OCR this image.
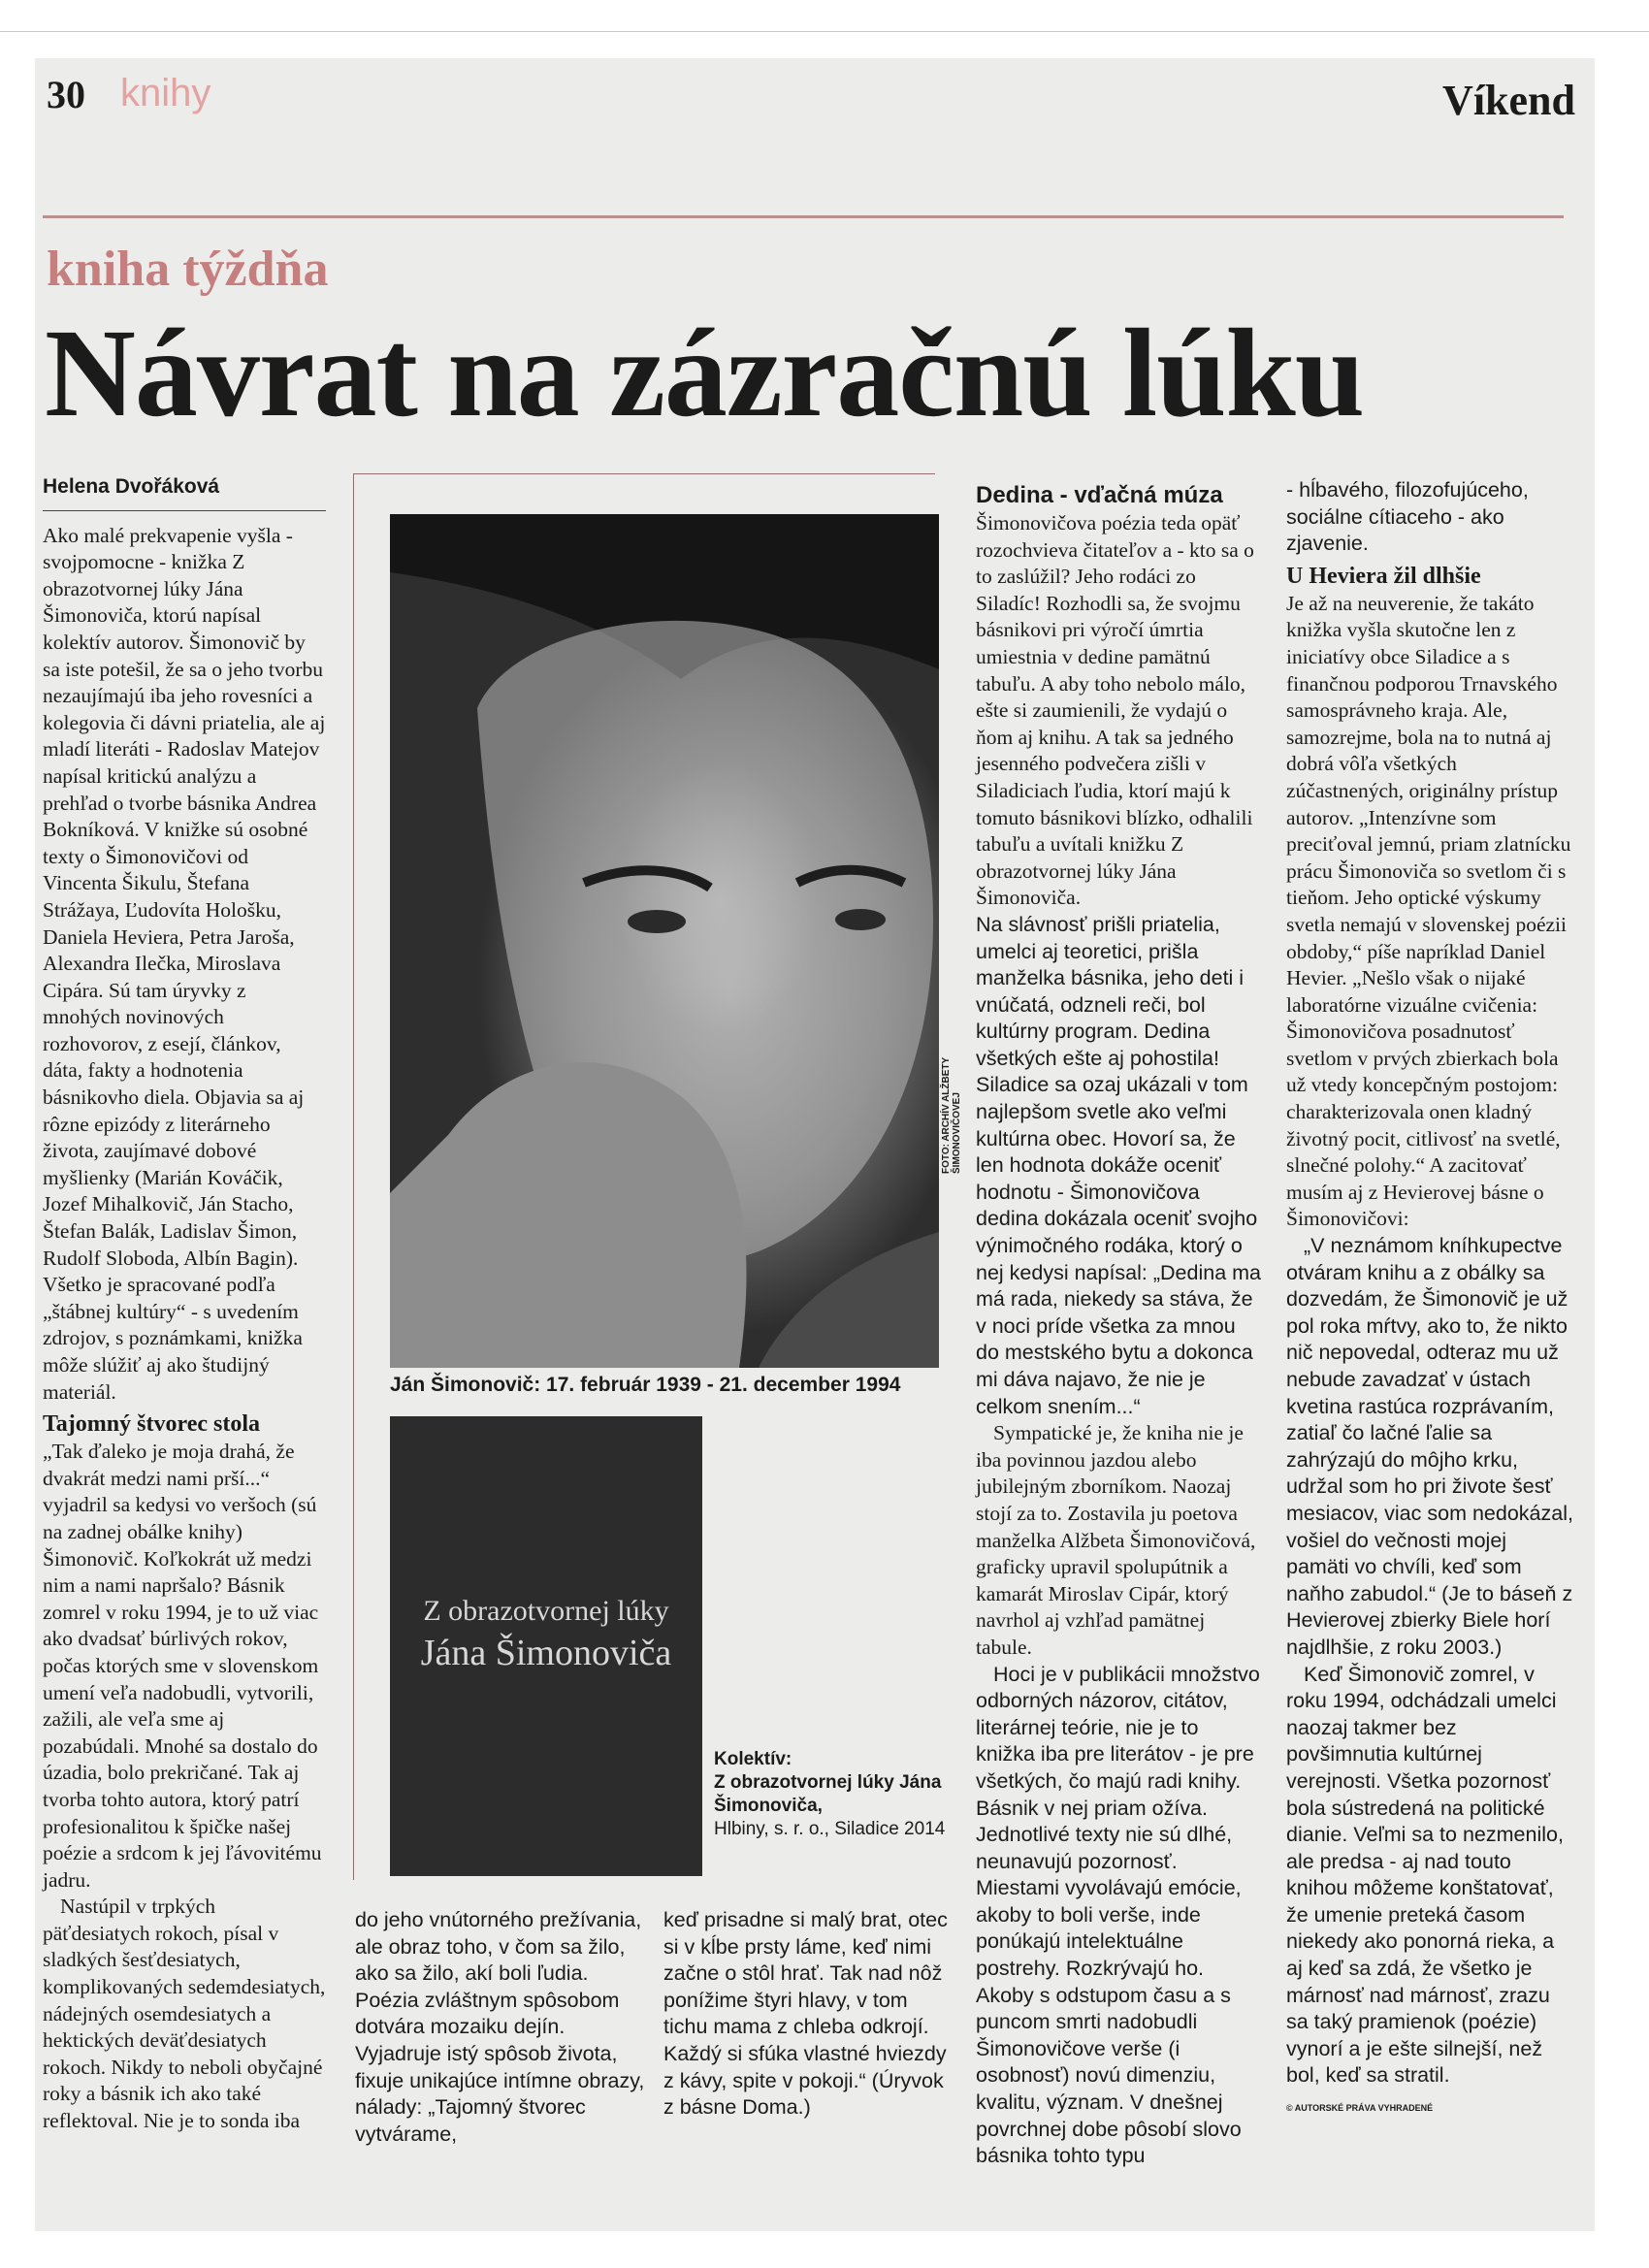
30 knihy	Víkend
kniha týždňa
Návrat na zázračnú lúku
Helena Dvořáková

Ako malé prekvapenie vyšla - svojpomocne - knižka Z obrazotvornej lúky Jána Šimonoviča, ktorú napísal kolektív autorov. Šimonovič by sa iste potešil, že sa o jeho tvorbu nezaujímajú iba jeho rovesníci a kolegovia či dávni priatelia, ale aj mladí literáti - Radoslav Matejov napísal kritickú analýzu a prehľad o tvorbe básnika Andrea Bokníková. V knižke sú osobné texty o Šimonovičovi od Vincenta Šikulu, Štefana Strážaya, Ľudovíta Hološku, Daniela Heviera, Petra Jaroša, Alexandra Ilečka, Miroslava Cipára. Sú tam úryvky z mnohých novinových rozhovorov, z esejí, článkov, dáta, fakty a hodnotenia básnikovho diela. Objavia sa aj rôzne epizódy z literárneho života, zaujímavé dobové myšlienky (Marián Kováčik, Jozef Mihalkovič, Ján Stacho, Štefan Balák, Ladislav Šimon, Rudolf Sloboda, Albín Bagin). Všetko je spracované podľa „štábnej kultúry“ - s uvedením zdrojov, s poznámkami, knižka môže slúžiť aj ako študijný materiál.

Tajomný štvorec stola

„Tak ďaleko je moja drahá, že dvakrát medzi nami prší...“ vyjadril sa kedysi vo veršoch (sú na zadnej obálke knihy) Šimonovič. Koľkokrát už medzi nim a nami napršalo? Básnik zomrel v roku 1994, je to už viac ako dvadsať búrlivých rokov, počas ktorých sme v slovenskom umení veľa nadobudli, vytvorili, zažili, ale veľa sme aj pozabúdali. Mnohé sa dostalo do úzadia, bolo prekričané. Tak aj tvorba tohto autora, ktorý patrí profesionalitou k špičke našej poézie a srdcom k jej ľávovitému jadru.

Nastúpil v trpkých päťdesiatych rokoch, písal v sladkých šesťdesiatych, komplikovaných sedemdesiatych, nádejných osemdesiatych a hektických deväťdesiatych rokoch. Nikdy to neboli obyčajné roky a básnik ich ako také reflektoval. Nie je to sonda iba

FOTO: ARCHÍV ALŽBETY ŠIMONOVIČOVEJ
Ján Šimonovič: 17. február 1939 - 21. december 1994
Z obrazotvornej lúky
Jána Šimonoviča
Kolektív:
Z obrazotvornej lúky Jána Šimonoviča,
Hlbiny, s. r. o., Siladice 2014

do jeho vnútorného prežívania, ale obraz toho, v čom sa žilo, ako sa žilo, akí boli ľudia. Poézia zvláštnym spôsobom dotvára mozaiku dejín. Vyjadruje istý spôsob života, fixuje unikajúce intímne obrazy, nálady: „Tajomný štvorec vytvárame,

keď prisadne si malý brat, otec si v kĺbe prsty láme, keď nimi začne o stôl hrať. Tak nad nôž ponížime štyri hlavy, v tom tichu mama z chleba odkrojí. Každý si sfúka vlastné hviezdy z kávy, spite v pokoji.“ (Úryvok z básne Doma.)

Dedina - vďačná múza

Šimonovičova poézia teda opäť rozochvieva čitateľov a - kto sa o to zaslúžil? Jeho rodáci zo Siladíc! Rozhodli sa, že svojmu básnikovi pri výročí úmrtia umiestnia v dedine pamätnú tabuľu. A aby toho nebolo málo, ešte si zaumienili, že vydajú o ňom aj knihu. A tak sa jedného jesenného podvečera zišli v Siladiciach ľudia, ktorí majú k tomuto básnikovi blízko, odhalili tabuľu a uvítali knižku Z obrazotvornej lúky Jána Šimonoviča.

Na slávnosť prišli priatelia, umelci aj teoretici, prišla manželka básnika, jeho deti i vnúčatá, odzneli reči, bol kultúrny program. Dedina všetkých ešte aj pohostila! Siladice sa ozaj ukázali v tom najlepšom svetle ako veľmi kultúrna obec. Hovorí sa, že len hodnota dokáže oceniť hodnotu - Šimonovičova dedina dokázala oceniť svojho výnimočného rodáka, ktorý o nej kedysi napísal: „Dedina ma má rada, niekedy sa stáva, že v noci príde všetka za mnou do mestského bytu a dokonca mi dáva najavo, že nie je celkom snením...“

Sympatické je, že kniha nie je iba povinnou jazdou alebo jubilejným zborníkom. Naozaj stojí za to. Zostavila ju poetova manželka Alžbeta Šimonovičová, graficky upravil spolupútnik a kamarát Miroslav Cipár, ktorý navrhol aj vzhľad pamätnej tabule.

Hoci je v publikácii množstvo odborných názorov, citátov, literárnej teórie, nie je to knižka iba pre literátov - je pre všetkých, čo majú radi knihy. Básnik v nej priam ožíva. Jednotlivé texty nie sú dlhé, neunavujú pozornosť. Miestami vyvolávajú emócie, akoby to boli verše, inde ponúkajú intelektuálne postrehy. Rozkrývajú ho. Akoby s odstupom času a s puncom smrti nadobudli Šimonovičove verše (i osobnosť) novú dimenziu, kvalitu, význam. V dnešnej povrchnej dobe pôsobí slovo básnika tohto typu

- hĺbavého, filozofujúceho, sociálne cítiaceho - ako zjavenie.

U Heviera žil dlhšie

Je až na neuverenie, že takáto knižka vyšla skutočne len z iniciatívy obce Siladice a s finančnou podporou Trnavského samosprávneho kraja. Ale, samozrejme, bola na to nutná aj dobrá vôľa všetkých zúčastnených, originálny prístup autorov. „Intenzívne som preciťoval jemnú, priam zlatnícku prácu Šimonoviča so svetlom či s tieňom. Jeho optické výskumy svetla nemajú v slovenskej poézii obdoby,“ píše napríklad Daniel Hevier. „Nešlo však o nijaké laboratórne vizuálne cvičenia: Šimonovičova posadnutosť svetlom v prvých zbierkach bola už vtedy koncepčným postojom: charakterizovala onen kladný životný pocit, citlivosť na svetlé, slnečné polohy.“ A zacitovať musím aj z Hevierovej básne o Šimonovičovi:

„V neznámom kníhkupectve otváram knihu a z obálky sa dozvedám, že Šimonovič je už pol roka mŕtvy, ako to, že nikto nič nepovedal, odteraz mu už nebude zavadzať v ústach kvetina rastúca rozprávaním, zatiaľ čo lačné ľalie sa zahrýzajú do môjho krku, udržal som ho pri živote šesť mesiacov, viac som nedokázal, vošiel do večnosti mojej pamäti vo chvíli, keď som naňho zabudol.“ (Je to báseň z Hevierovej zbierky Biele horí najdlhšie, z roku 2003.)

Keď Šimonovič zomrel, v roku 1994, odchádzali umelci naozaj takmer bez povšimnutia kultúrnej verejnosti. Všetka pozornosť bola sústredená na politické dianie. Veľmi sa to nezmenilo, ale predsa - aj nad touto knihou môžeme konštatovať, že umenie preteká časom niekedy ako ponorná rieka, a aj keď sa zdá, že všetko je márnosť nad márnosť, zrazu sa taký pramienok (poézie) vynorí a je ešte silnejší, než bol, keď sa stratil.

© AUTORSKÉ PRÁVA VYHRADENÉ
